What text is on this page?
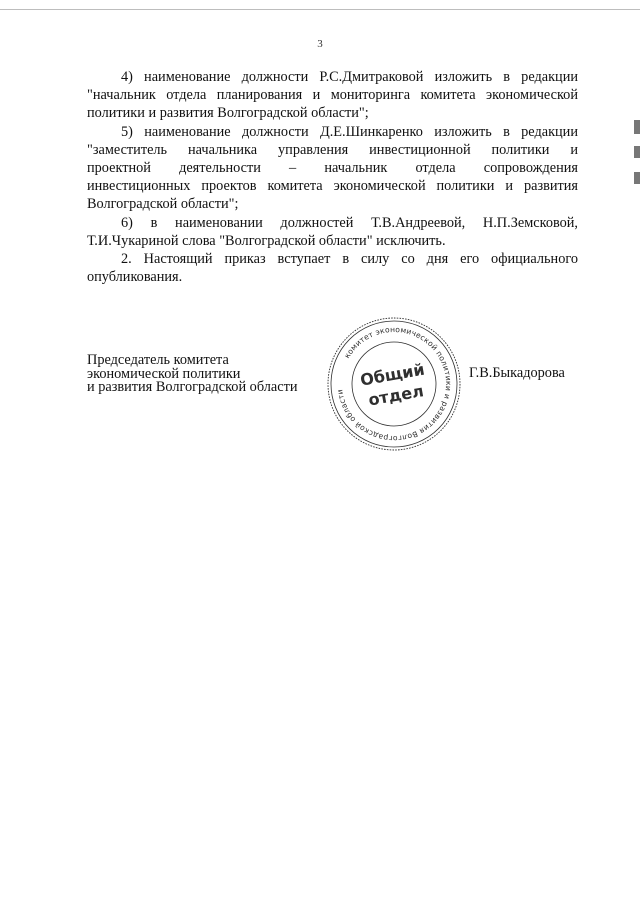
3

4) наименование должности Р.С.Дмитраковой изложить в редакции
"начальник отдела планирования и мониторинга комитета экономической
политики и развития Волгоградской области";

5) наименование должности Д.Е.Шинкаренко изложить в редакции
"заместитель начальника управления инвестиционной политики и
проектной деятельности – начальник отдела сопровождения
инвестиционных проектов комитета экономической политики и развития
Волгоградской области";

6) в наименовании должностей Т.В.Андреевой, Н.П.Земсковой,
Т.И.Чукариной слова "Волгоградской области" исключить.

2. Настоящий приказ вступает в силу со дня его официального
опубликования.

Председатель комитета
экономической политики
и развития Волгоградской области
комитет экономической политики и развития Волгоградской области
Общий
отдел
Г.В.Быкадорова
